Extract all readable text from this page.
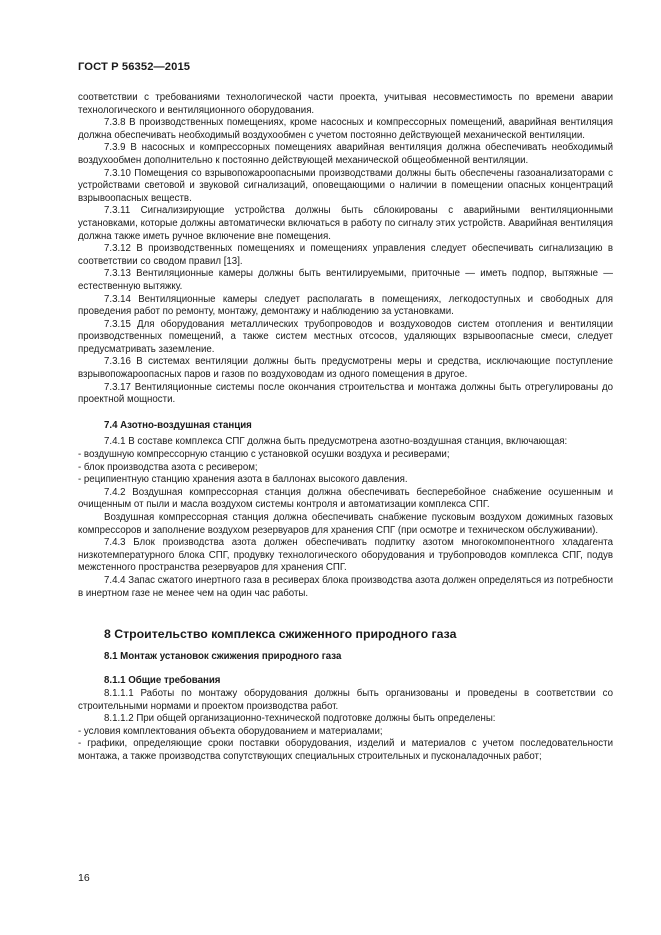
ГОСТ Р 56352—2015

соответствии с требованиями технологической части проекта, учитывая несовместимость по времени аварии технологического и вентиляционного оборудования.

7.3.8 В производственных помещениях, кроме насосных и компрессорных помещений, аварийная вентиляция должна обеспечивать необходимый воздухообмен с учетом постоянно действующей механической вентиляции.

7.3.9 В насосных и компрессорных помещениях аварийная вентиляция должна обеспечивать необходимый воздухообмен дополнительно к постоянно действующей механической общеобменной вентиляции.

7.3.10 Помещения со взрывопожароопасными производствами должны быть обеспечены газоанализаторами с устройствами световой и звуковой сигнализаций, оповещающими о наличии в помещении опасных концентраций взрывоопасных веществ.

7.3.11 Сигнализирующие устройства должны быть сблокированы с аварийными вентиляционными установками, которые должны автоматически включаться в работу по сигналу этих устройств. Аварийная вентиляция должна также иметь ручное включение вне помещения.

7.3.12 В производственных помещениях и помещениях управления следует обеспечивать сигнализацию в соответствии со сводом правил [13].

7.3.13 Вентиляционные камеры должны быть вентилируемыми, приточные — иметь подпор, вытяжные — естественную вытяжку.

7.3.14 Вентиляционные камеры следует располагать в помещениях, легкодоступных и свободных для проведения работ по ремонту, монтажу, демонтажу и наблюдению за установками.

7.3.15 Для оборудования металлических трубопроводов и воздуховодов систем отопления и вентиляции производственных помещений, а также систем местных отсосов, удаляющих взрывоопасные смеси, следует предусматривать заземление.

7.3.16 В системах вентиляции должны быть предусмотрены меры и средства, исключающие поступление взрывопожароопасных паров и газов по воздуховодам из одного помещения в другое.

7.3.17 Вентиляционные системы после окончания строительства и монтажа должны быть отрегулированы до проектной мощности.

7.4 Азотно-воздушная станция

7.4.1 В составе комплекса СПГ должна быть предусмотрена азотно-воздушная станция, включающая:

- воздушную компрессорную станцию с установкой осушки воздуха и ресиверами;

- блок производства азота с ресивером;

- реципиентную станцию хранения азота в баллонах высокого давления.

7.4.2 Воздушная компрессорная станция должна обеспечивать бесперебойное снабжение осушенным и очищенным от пыли и масла воздухом системы контроля и автоматизации комплекса СПГ.

Воздушная компрессорная станция должна обеспечивать снабжение пусковым воздухом дожимных газовых компрессоров и заполнение воздухом резервуаров для хранения СПГ (при осмотре и техническом обслуживании).

7.4.3 Блок производства азота должен обеспечивать подпитку азотом многокомпонентного хладагента низкотемпературного блока СПГ, продувку технологического оборудования и трубопроводов комплекса СПГ, подув межстенного пространства резервуаров для хранения СПГ.

7.4.4 Запас сжатого инертного газа в ресиверах блока производства азота должен определяться из потребности в инертном газе не менее чем на один час работы.

8 Строительство комплекса сжиженного природного газа
8.1 Монтаж установок сжижения природного газа
8.1.1 Общие требования

8.1.1.1 Работы по монтажу оборудования должны быть организованы и проведены в соответствии со строительными нормами и проектом производства работ.

8.1.1.2 При общей организационно-технической подготовке должны быть определены:

- условия комплектования объекта оборудованием и материалами;

- графики, определяющие сроки поставки оборудования, изделий и материалов с учетом последовательности монтажа, а также производства сопутствующих специальных строительных и пусконаладочных работ;

16
